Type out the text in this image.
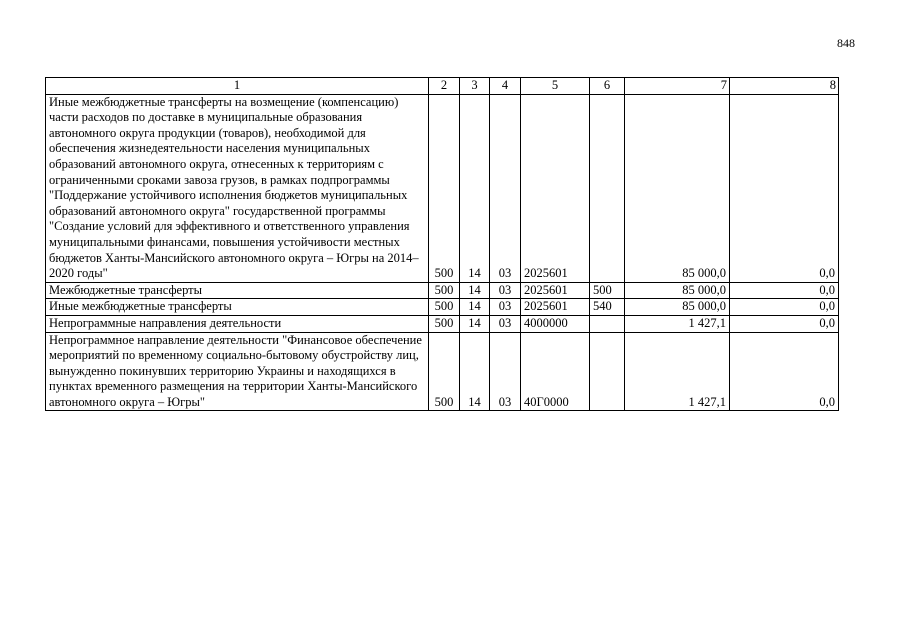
848
1	2	3	4	5	6	7	8
Иные межбюджетные трансферты на возмещение (компенсацию) части расходов по доставке в муниципальные образования автономного округа продукции (товаров), необходимой для обеспечения жизнедеятельности населения муниципальных образований автономного округа, отнесенных к территориям с ограниченными сроками завоза грузов, в рамках подпрограммы "Поддержание устойчивого исполнения бюджетов муниципальных образований автономного округа" государственной программы "Создание условий для эффективного и ответственного управления муниципальными финансами, повышения устойчивости местных бюджетов Ханты-Мансийского автономного округа – Югры на 2014–2020 годы"	500	14	03	2025601		85 000,0	0,0
Межбюджетные трансферты	500	14	03	2025601	500	85 000,0	0,0
Иные межбюджетные трансферты	500	14	03	2025601	540	85 000,0	0,0
Непрограммные направления деятельности	500	14	03	4000000		1 427,1	0,0
Непрограммное направление деятельности "Финансовое обеспечение мероприятий по временному социально-бытовому обустройству лиц, вынужденно покинувших территорию Украины и находящихся в пунктах временного размещения на территории Ханты-Мансийского автономного округа – Югры"	500	14	03	40Г0000		1 427,1	0,0
